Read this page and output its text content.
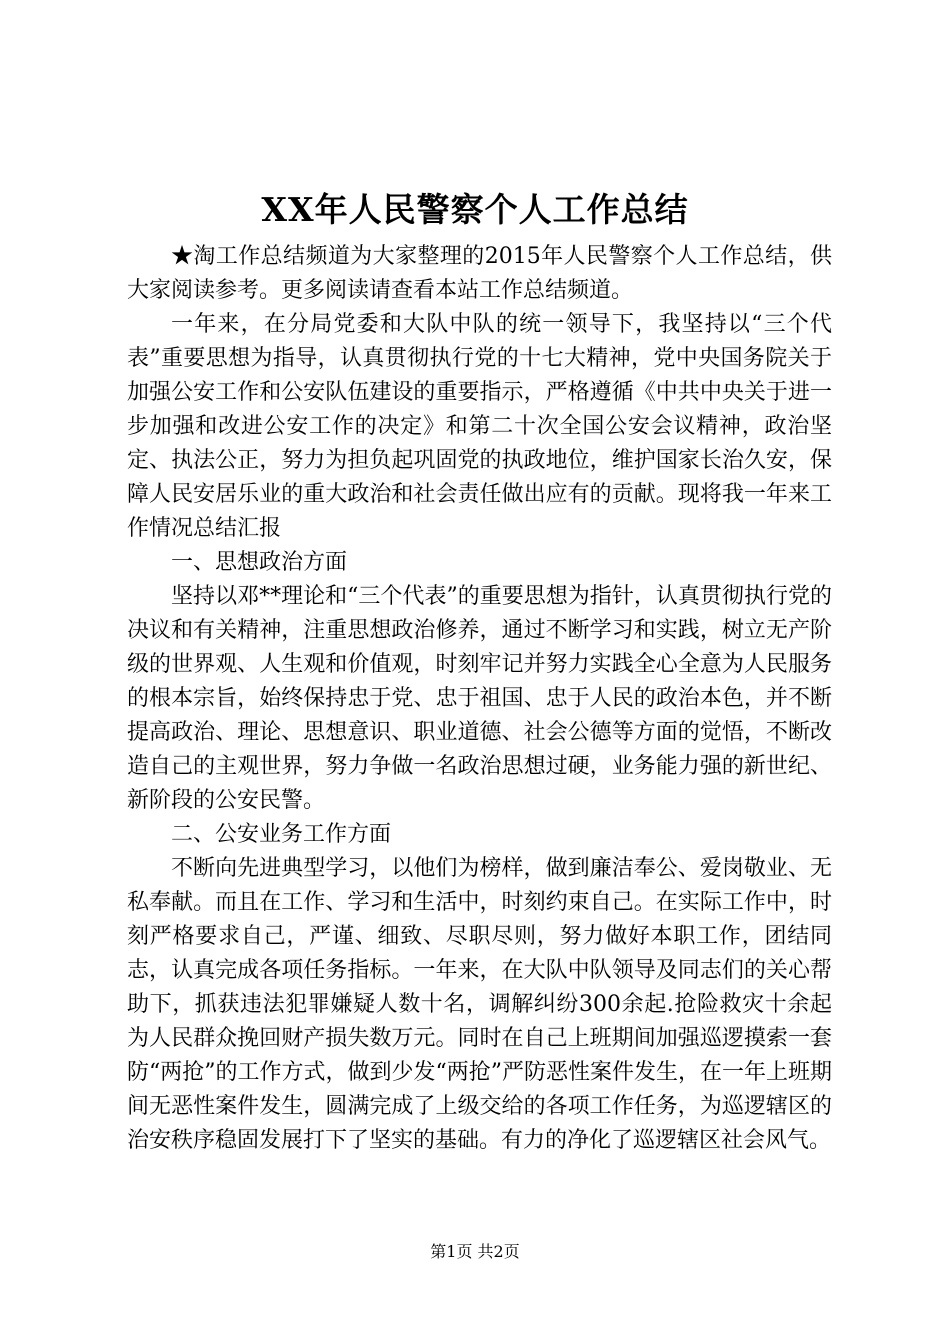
XX年人民警察个人工作总结

★淘工作总结频道为大家整理的2015年人民警察个人工作总结，供大家阅读参考。更多阅读请查看本站工作总结频道。

一年来，在分局党委和大队中队的统一领导下，我坚持以“三个代表”重要思想为指导，认真贯彻执行党的十七大精神，党中央国务院关于加强公安工作和公安队伍建设的重要指示，严格遵循《中共中央关于进一步加强和改进公安工作的决定》和第二十次全国公安会议精神，政治坚定、执法公正，努力为担负起巩固党的执政地位，维护国家长治久安，保障人民安居乐业的重大政治和社会责任做出应有的贡献。现将我一年来工作情况总结汇报

一、思想政治方面

坚持以邓**理论和“三个代表”的重要思想为指针，认真贯彻执行党的决议和有关精神，注重思想政治修养，通过不断学习和实践，树立无产阶级的世界观、人生观和价值观，时刻牢记并努力实践全心全意为人民服务的根本宗旨，始终保持忠于党、忠于祖国、忠于人民的政治本色，并不断提高政治、理论、思想意识、职业道德、社会公德等方面的觉悟，不断改造自己的主观世界，努力争做一名政治思想过硬，业务能力强的新世纪、新阶段的公安民警。

二、公安业务工作方面

不断向先进典型学习，以他们为榜样，做到廉洁奉公、爱岗敬业、无私奉献。而且在工作、学习和生活中，时刻约束自己。在实际工作中，时刻严格要求自己，严谨、细致、尽职尽则，努力做好本职工作，团结同志，认真完成各项任务指标。一年来，在大队中队领导及同志们的关心帮助下，抓获违法犯罪嫌疑人数十名，调解纠纷300余起.抢险救灾十余起为人民群众挽回财产损失数万元。同时在自己上班期间加强巡逻摸索一套防“两抢”的工作方式，做到少发“两抢”严防恶性案件发生，在一年上班期间无恶性案件发生，圆满完成了上级交给的各项工作任务，为巡逻辖区的治安秩序稳固发展打下了坚实的基础。有力的净化了巡逻辖区社会风气。

第1页 共2页
